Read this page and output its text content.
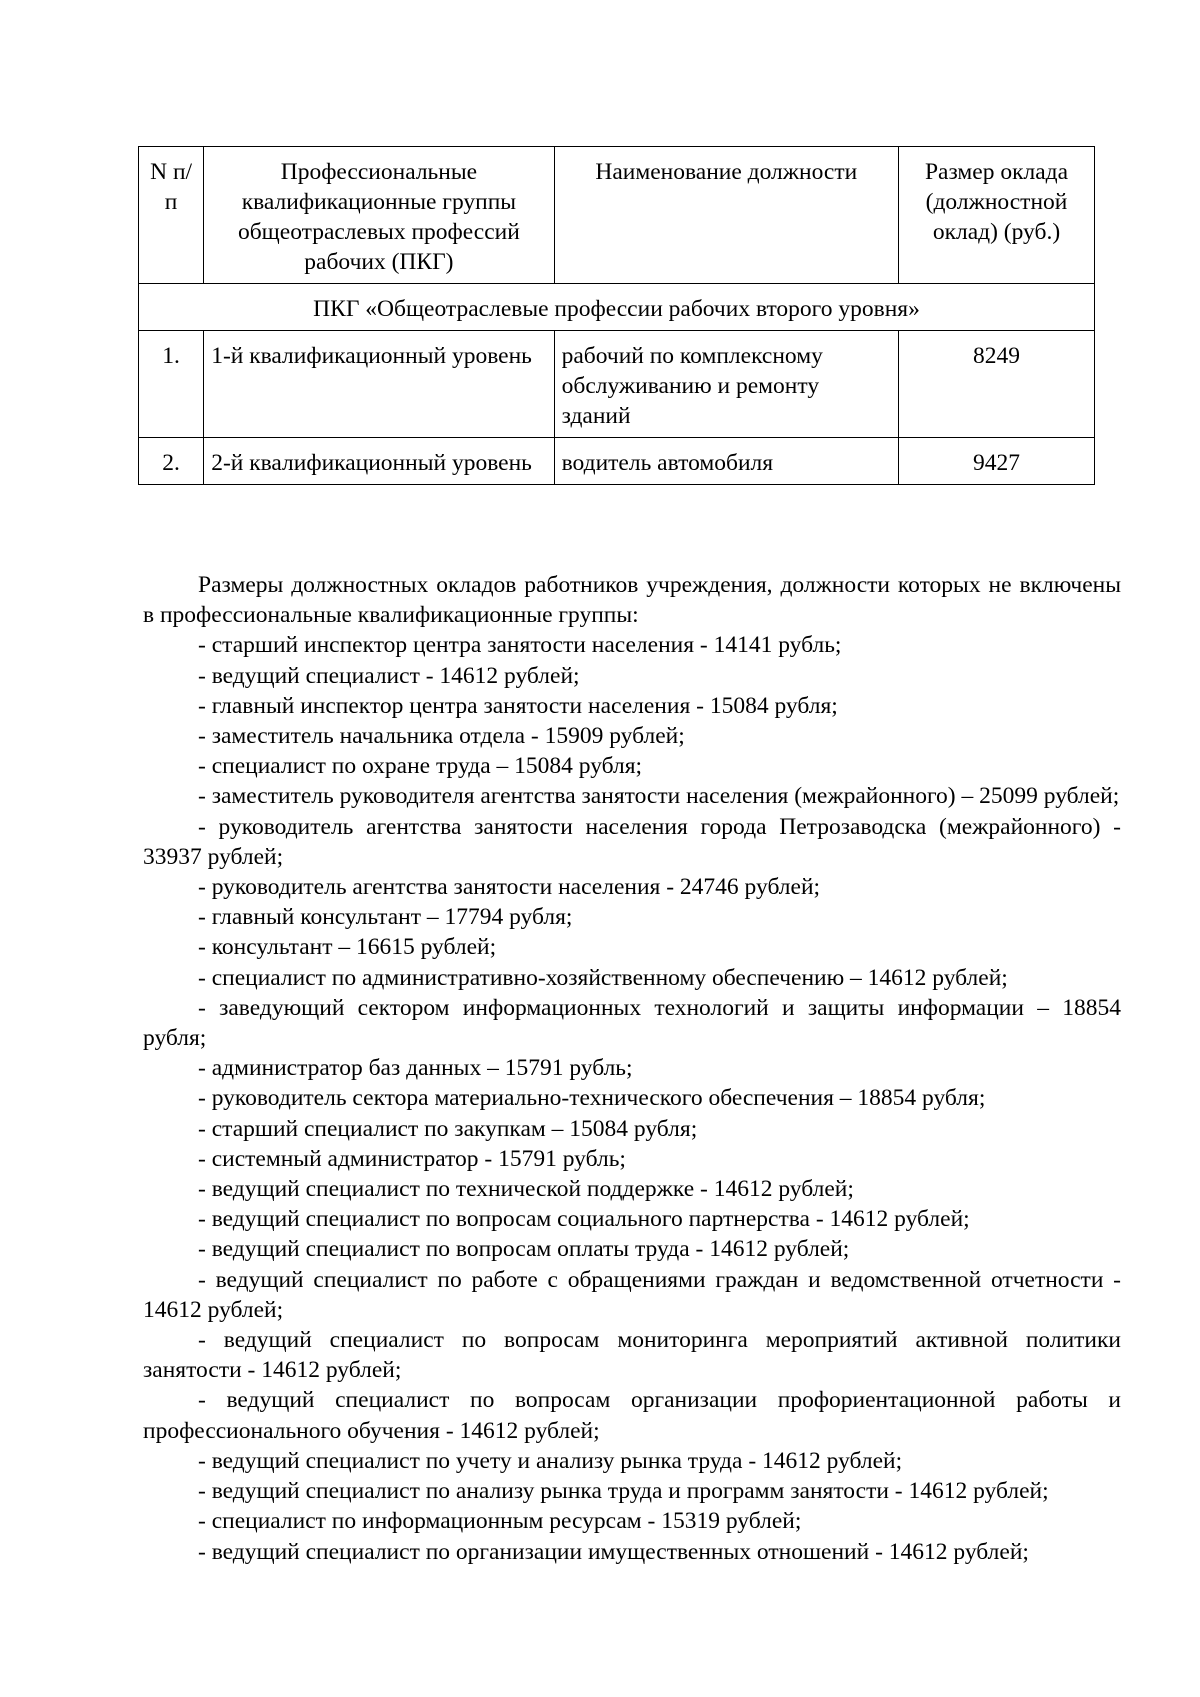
N п/п	Профессиональные квалификационные группы общеотраслевых профессий рабочих (ПКГ)	Наименование должности	Размер оклада (должностной оклад) (руб.)
ПКГ «Общеотраслевые профессии рабочих второго уровня»			
1.	1-й квалификационный уровень	рабочий по комплексному обслуживанию и ремонту зданий	8249
2.	2-й квалификационный уровень	водитель автомобиля	9427

Размеры должностных окладов работников учреждения, должности которых не включены в профессиональные квалификационные группы:

- старший инспектор центра занятости населения - 14141 рубль;

- ведущий специалист - 14612 рублей;

- главный инспектор центра занятости населения - 15084 рубля;

- заместитель начальника отдела - 15909 рублей;

- специалист по охране труда – 15084 рубля;

- заместитель руководителя агентства занятости населения (межрайонного) – 25099 рублей;

- руководитель агентства занятости населения города Петрозаводска (межрайонного) - 33937 рублей;

- руководитель агентства занятости населения - 24746 рублей;

- главный консультант – 17794 рубля;

- консультант – 16615 рублей;

- специалист по административно-хозяйственному обеспечению – 14612 рублей;

- заведующий сектором информационных технологий и защиты информации – 18854 рубля;

- администратор баз данных – 15791 рубль;

- руководитель сектора материально-технического обеспечения – 18854 рубля;

- старший специалист по закупкам – 15084 рубля;

- системный администратор - 15791 рубль;

- ведущий специалист по технической поддержке - 14612 рублей;

- ведущий специалист по вопросам социального партнерства - 14612 рублей;

- ведущий специалист по вопросам оплаты труда - 14612 рублей;

- ведущий специалист по работе с обращениями граждан и ведомственной отчетности - 14612 рублей;

- ведущий специалист по вопросам мониторинга мероприятий активной политики занятости - 14612 рублей;

- ведущий специалист по вопросам организации профориентационной работы и профессионального обучения - 14612 рублей;

- ведущий специалист по учету и анализу рынка труда - 14612 рублей;

- ведущий специалист по анализу рынка труда и программ занятости - 14612 рублей;

- специалист по информационным ресурсам - 15319 рублей;

- ведущий специалист по организации имущественных отношений - 14612 рублей;
